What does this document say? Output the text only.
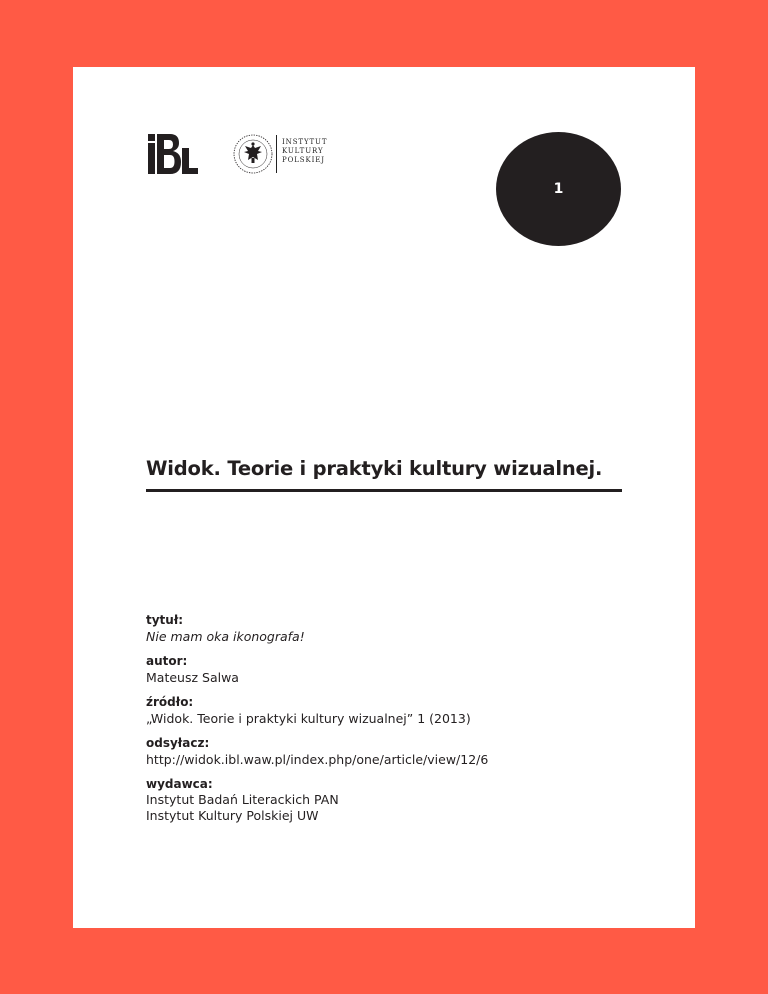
INSTYTUT
KULTURY
POLSKIEJ
1
Widok. Teorie i praktyki kultury wizualnej.

tytuł:

Nie mam oka ikonografa!

autor:

Mateusz Salwa

źródło:

„Widok. Teorie i praktyki kultury wizualnej” 1 (2013)

odsyłacz:

http://widok.ibl.waw.pl/index.php/one/article/view/12/6

wydawca:

Instytut Badań Literackich PAN
Instytut Kultury Polskiej UW
